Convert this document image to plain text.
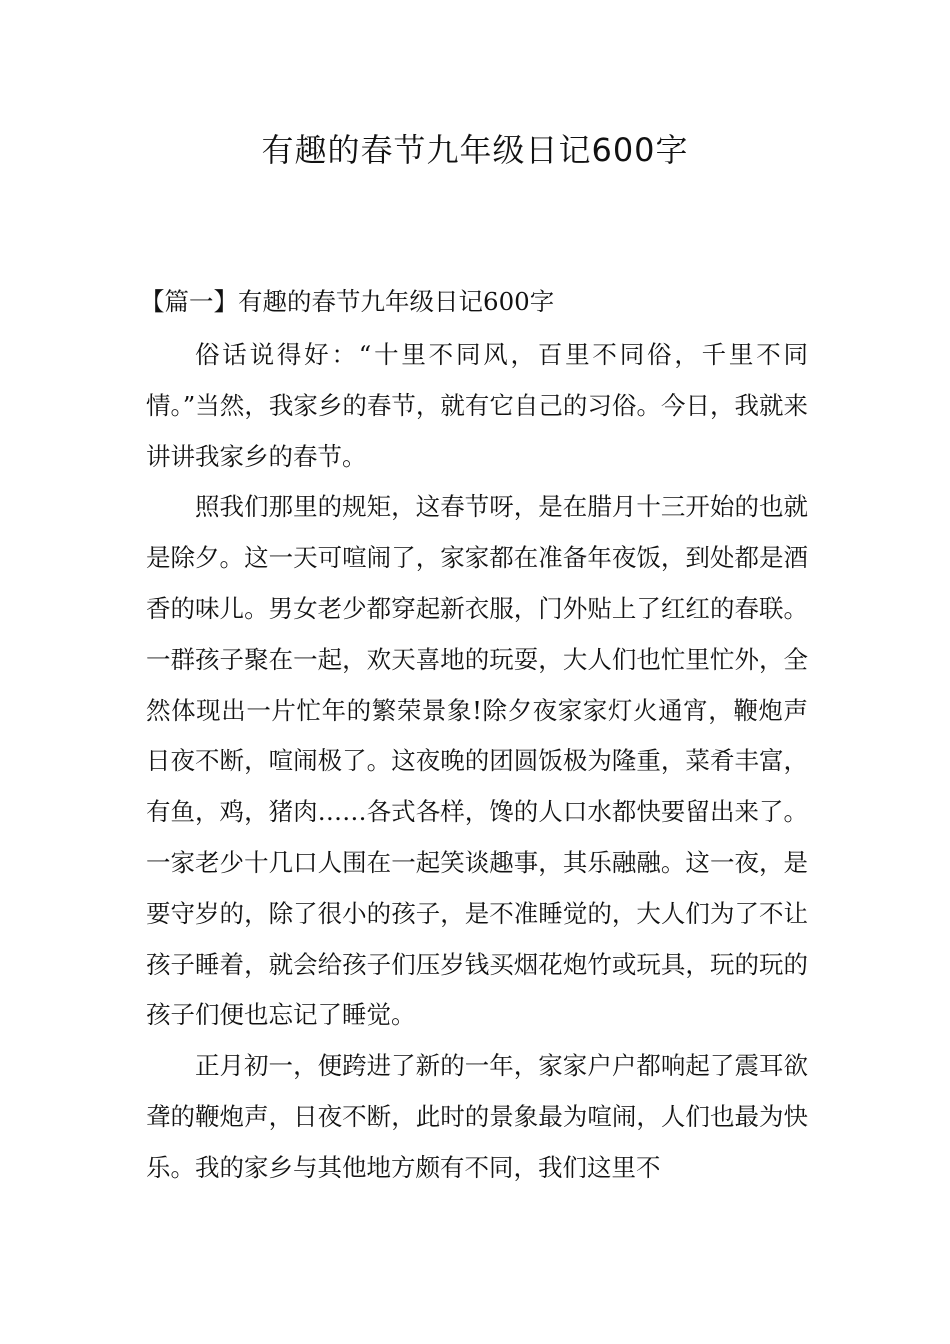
有趣的春节九年级日记600字
【篇一】有趣的春节九年级日记600字

俗话说得好：“十里不同风，百里不同俗，千里不同情。”当然，我家乡的春节，就有它自己的习俗。今日，我就来讲讲我家乡的春节。

照我们那里的规矩，这春节呀，是在腊月十三开始的也就是除夕。这一天可喧闹了，家家都在准备年夜饭，到处都是酒香的味儿。男女老少都穿起新衣服，门外贴上了红红的春联。一群孩子聚在一起，欢天喜地的玩耍，大人们也忙里忙外，全然体现出一片忙年的繁荣景象!除夕夜家家灯火通宵，鞭炮声日夜不断，喧闹极了。这夜晚的团圆饭极为隆重，菜肴丰富，有鱼，鸡，猪肉……各式各样，馋的人口水都快要留出来了。一家老少十几口人围在一起笑谈趣事，其乐融融。这一夜，是要守岁的，除了很小的孩子，是不准睡觉的，大人们为了不让孩子睡着，就会给孩子们压岁钱买烟花炮竹或玩具，玩的玩的孩子们便也忘记了睡觉。

正月初一，便跨进了新的一年，家家户户都响起了震耳欲聋的鞭炮声，日夜不断，此时的景象最为喧闹，人们也最为快乐。我的家乡与其他地方颇有不同，我们这里不
